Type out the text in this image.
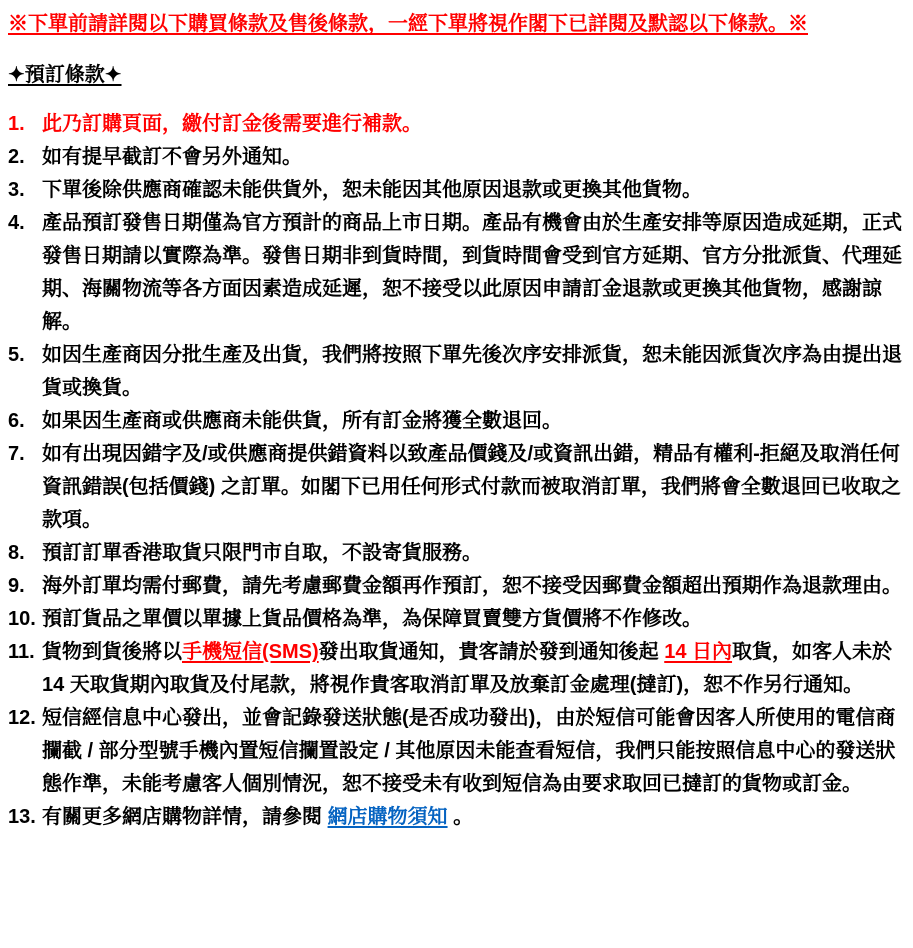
※下單前請詳閱以下購買條款及售後條款，一經下單將視作閣下已詳閱及默認以下條款。※
✦預訂條款✦
1. 此乃訂購頁面，繳付訂金後需要進行補款。
2. 如有提早截訂不會另外通知。
3. 下單後除供應商確認未能供貨外，恕未能因其他原因退款或更換其他貨物。
4. 產品預訂發售日期僅為官方預計的商品上市日期。產品有機會由於生產安排等原因造成延期，正式發售日期請以實際為準。發售日期非到貨時間，到貨時間會受到官方延期、官方分批派貨、代理延期、海關物流等各方面因素造成延遲，恕不接受以此原因申請訂金退款或更換其他貨物，感謝諒解。
5. 如因生產商因分批生產及出貨，我們將按照下單先後次序安排派貨，恕未能因派貨次序為由提出退貨或換貨。
6. 如果因生產商或供應商未能供貨，所有訂金將獲全數退回。
7. 如有出現因錯字及/或供應商提供錯資料以致產品價錢及/或資訊出錯，精品有權利-拒絕及取消任何資訊錯誤(包括價錢) 之訂單。如閣下已用任何形式付款而被取消訂單，我們將會全數退回已收取之款項。
8. 預訂訂單香港取貨只限門市自取，不設寄貨服務。
9. 海外訂單均需付郵費，請先考慮郵費金額再作預訂，恕不接受因郵費金額超出預期作為退款理由。
10. 預訂貨品之單價以單據上貨品價格為準，為保障買賣雙方貨價將不作修改。
11. 貨物到貨後將以手機短信(SMS)發出取貨通知，貴客請於發到通知後起 14 日內取貨，如客人未於 14 天取貨期內取貨及付尾款，將視作貴客取消訂單及放棄訂金處理(撻訂)，恕不作另行通知。
12. 短信經信息中心發出，並會記錄發送狀態(是否成功發出)，由於短信可能會因客人所使用的電信商攔截 / 部分型號手機內置短信攔置設定 / 其他原因未能查看短信，我們只能按照信息中心的發送狀態作準，未能考慮客人個別情況，恕不接受未有收到短信為由要求取回已撻訂的貨物或訂金。
13. 有關更多網店購物詳情，請參閱 網店購物須知 。
